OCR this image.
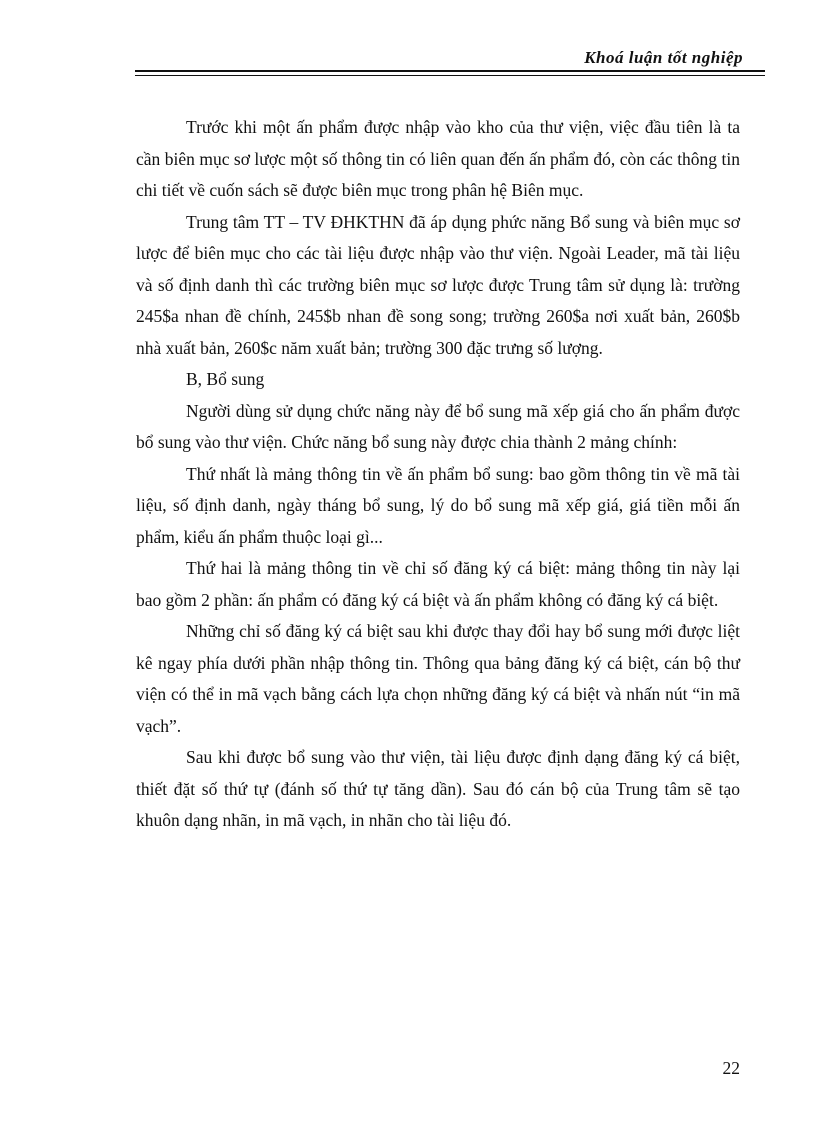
Khoá luận tốt nghiệp

Trước khi một ấn phẩm được nhập vào kho của thư viện, việc đầu tiên là ta cần biên mục sơ lược một số thông tin có liên quan đến ấn phẩm đó, còn các thông tin chi tiết về cuốn sách sẽ được biên mục trong phân hệ Biên mục.

Trung tâm TT – TV ĐHKTHN đã áp dụng phức năng Bổ sung và biên mục sơ lược để biên mục cho các tài liệu được nhập vào thư viện. Ngoài Leader, mã tài liệu và số định danh thì các trường biên mục sơ lược được Trung tâm sử dụng là: trường 245$a nhan đề chính, 245$b nhan đề song song; trường 260$a nơi xuất bản, 260$b nhà xuất bản, 260$c năm xuất bản; trường 300 đặc trưng số lượng.

B, Bổ sung

Người dùng sử dụng chức năng này để bổ sung mã xếp giá cho ấn phẩm được bổ sung vào thư viện. Chức năng bổ sung này được chia thành 2 mảng chính:

Thứ nhất là mảng thông tin về ấn phẩm bổ sung: bao gồm thông tin về mã tài liệu, số định danh, ngày tháng bổ sung, lý do bổ sung mã xếp giá, giá tiền mỗi ấn phẩm, kiểu ấn phẩm thuộc loại gì...

Thứ hai là mảng thông tin về chỉ số đăng ký cá biệt: mảng thông tin này lại bao gồm 2 phần: ấn phẩm có đăng ký cá biệt và ấn phẩm không có đăng ký cá biệt.

Những chỉ số đăng ký cá biệt sau khi được thay đổi hay bổ sung mới được liệt kê ngay phía dưới phần nhập thông tin. Thông qua bảng đăng ký cá biệt, cán bộ thư viện có thể in mã vạch bằng cách lựa chọn những đăng ký cá biệt và nhấn nút “in mã vạch”.

Sau khi được bổ sung vào thư viện, tài liệu được định dạng đăng ký cá biệt, thiết đặt số thứ tự (đánh số thứ tự tăng dần). Sau đó cán bộ của Trung tâm sẽ tạo khuôn dạng nhãn, in mã vạch, in nhãn cho tài liệu đó.

22
